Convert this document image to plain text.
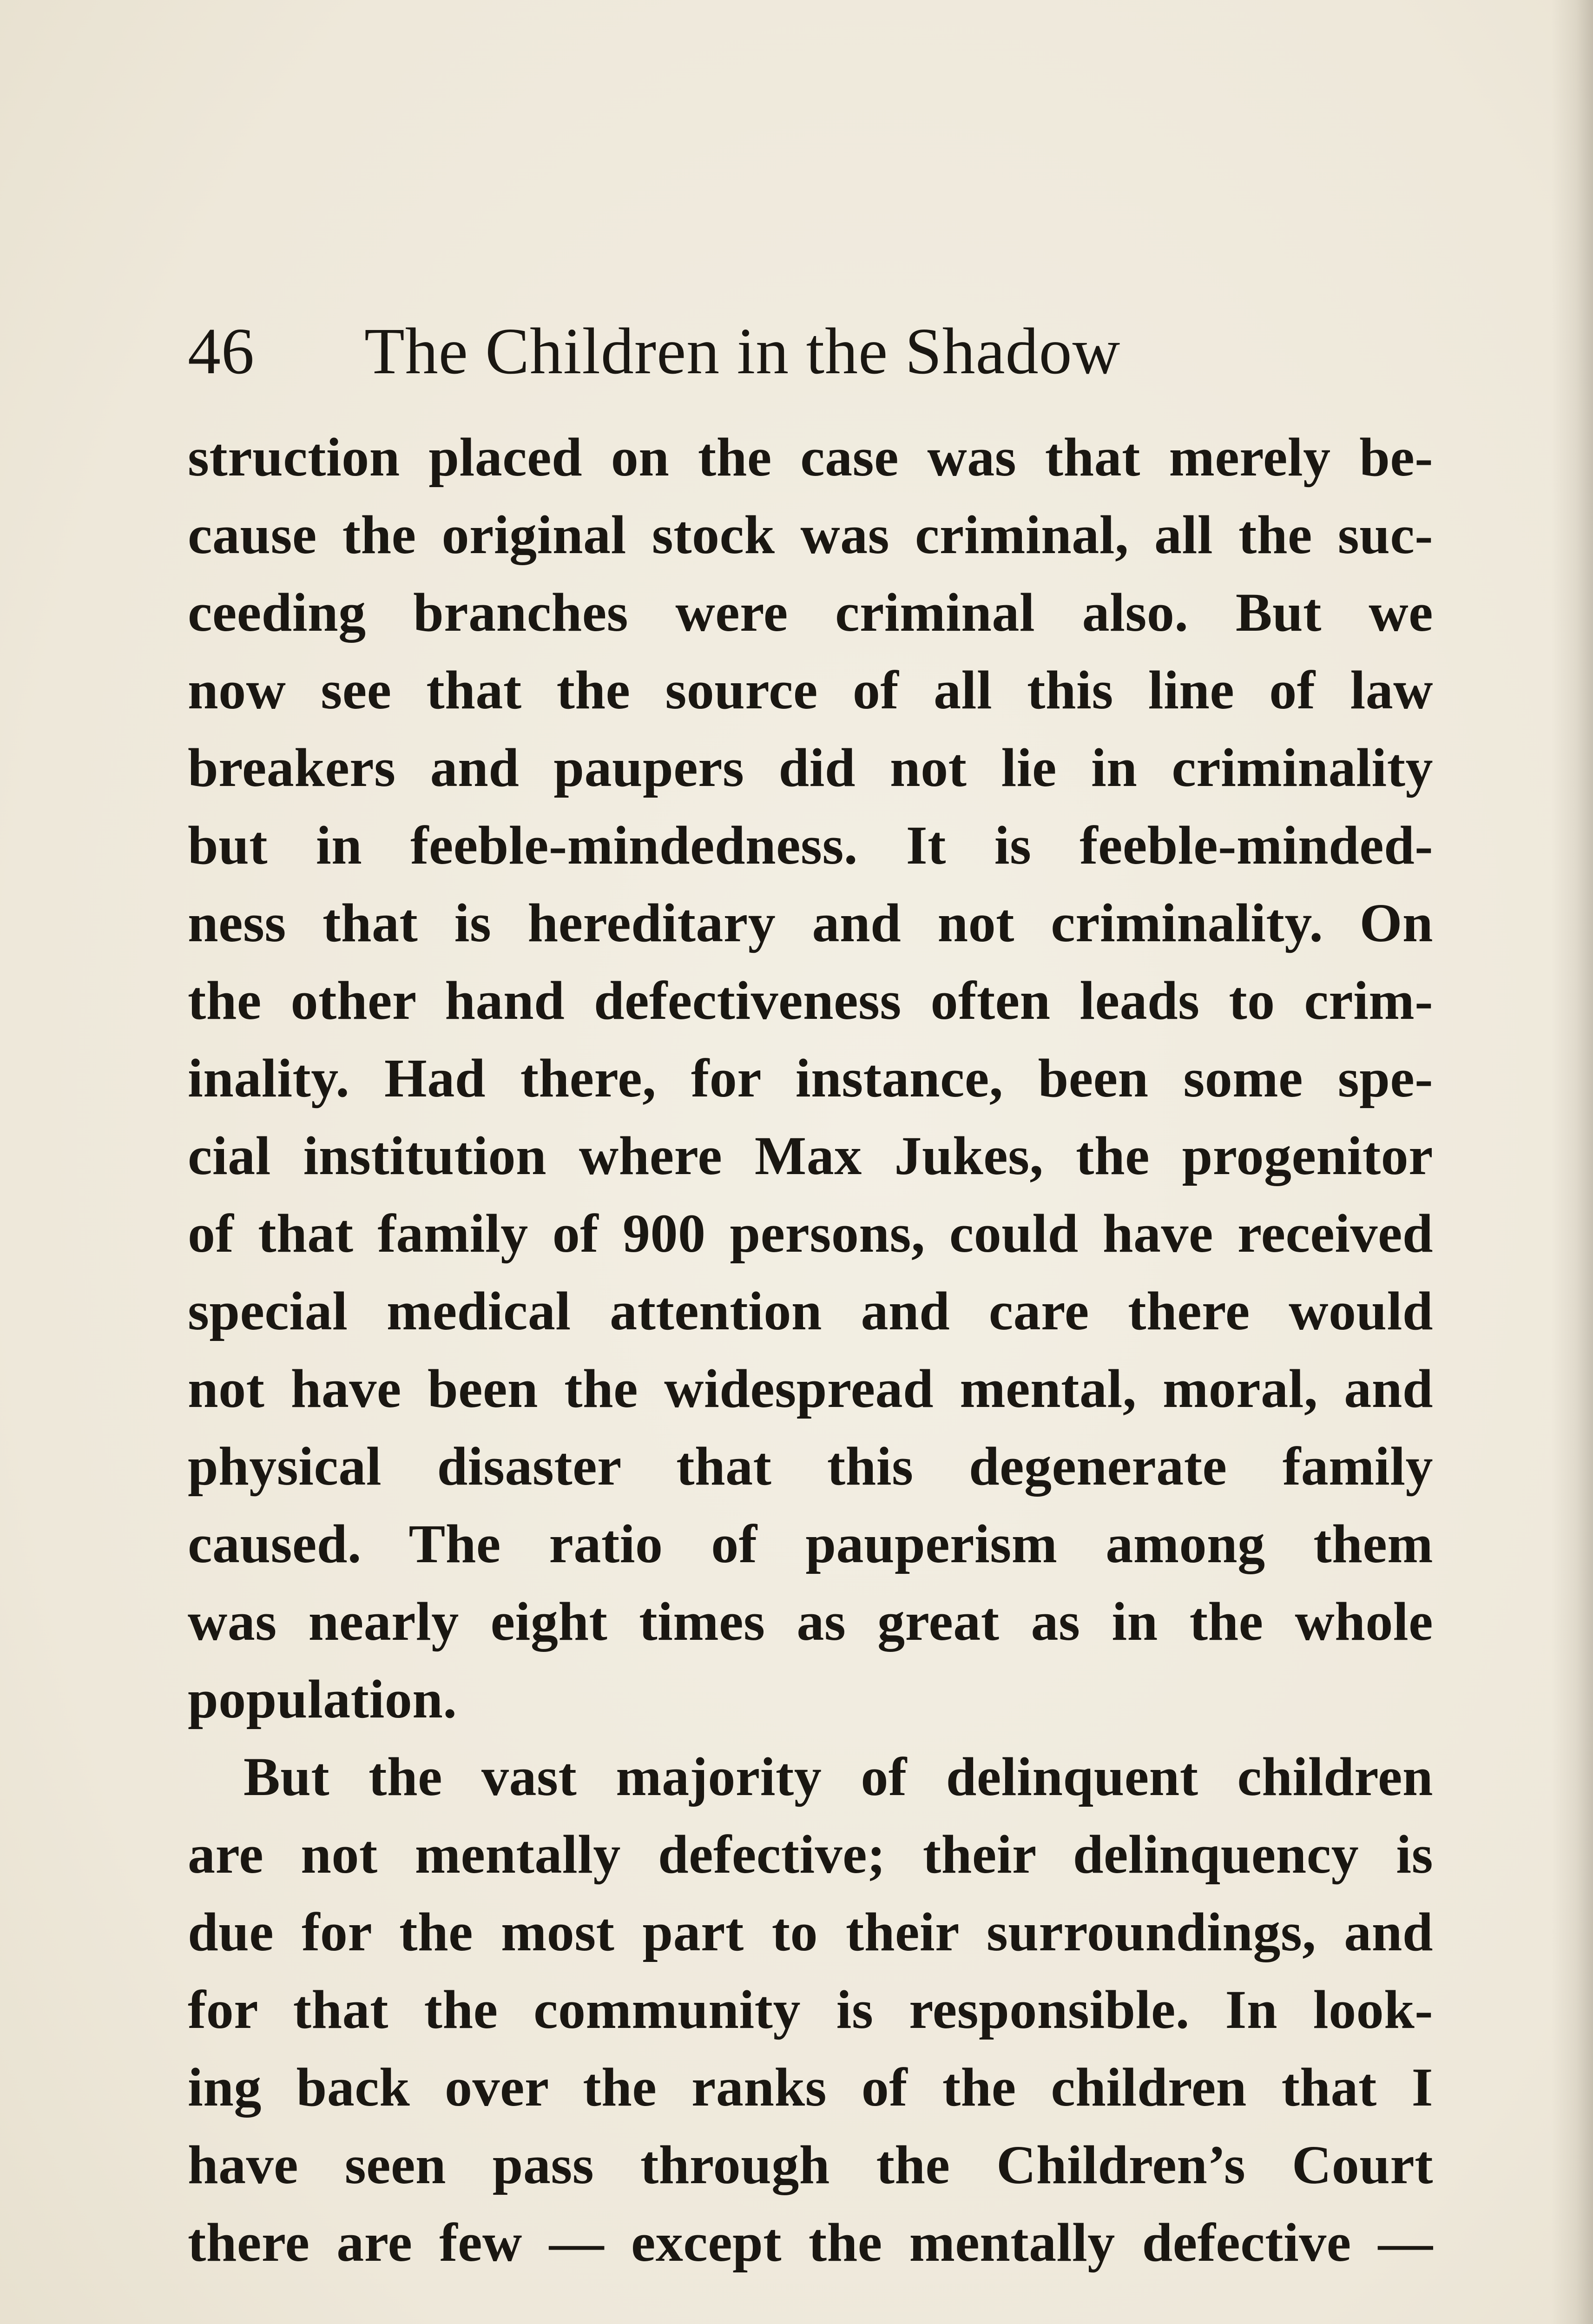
46 The Children in the Shadow
struction placed on the case was that merely be-
cause the original stock was criminal, all the suc-
ceeding branches were criminal also. But we
now see that the source of all this line of law
breakers and paupers did not lie in criminality
but in feeble-mindedness. It is feeble-minded-
ness that is hereditary and not criminality. On
the other hand defectiveness often leads to crim-
inality. Had there, for instance, been some spe-
cial institution where Max Jukes, the progenitor
of that family of 900 persons, could have received
special medical attention and care there would
not have been the widespread mental, moral, and
physical disaster that this degenerate family
caused. The ratio of pauperism among them
was nearly eight times as great as in the whole
population.
But the vast majority of delinquent children
are not mentally defective; their delinquency is
due for the most part to their surroundings, and
for that the community is responsible. In look-
ing back over the ranks of the children that I
have seen pass through the Children’s Court
there are few — except the mentally defective —
